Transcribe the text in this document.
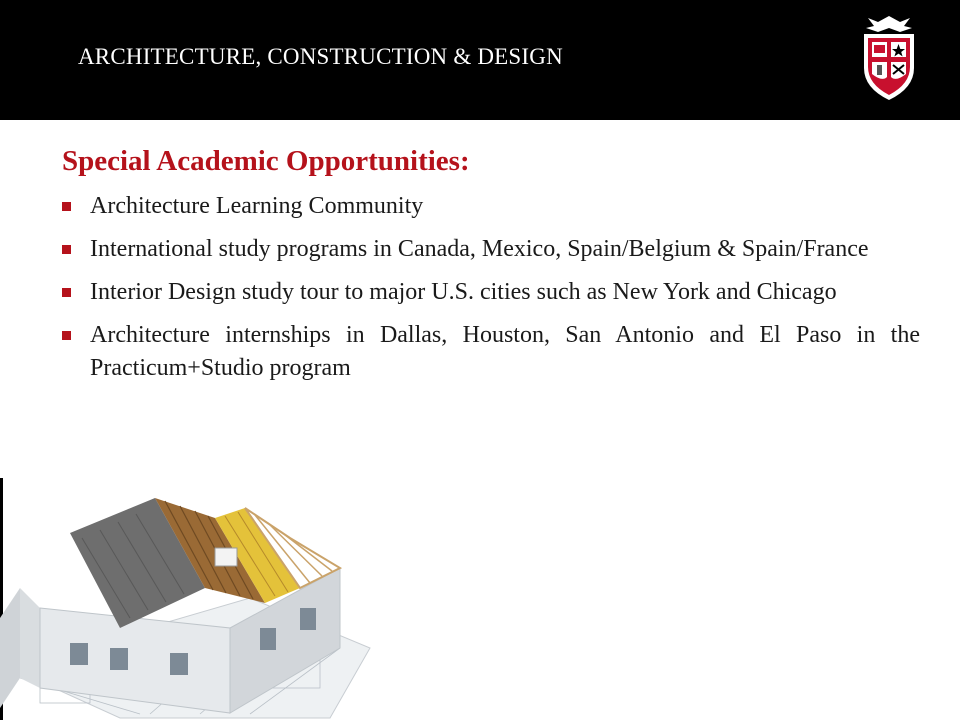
ARCHITECTURE, CONSTRUCTION & DESIGN
Special Academic Opportunities:
Architecture Learning Community
International study programs in Canada, Mexico, Spain/Belgium & Spain/France
Interior Design study tour to major U.S. cities such as New York and Chicago
Architecture internships in Dallas, Houston, San Antonio and El Paso in the Practicum+Studio program
